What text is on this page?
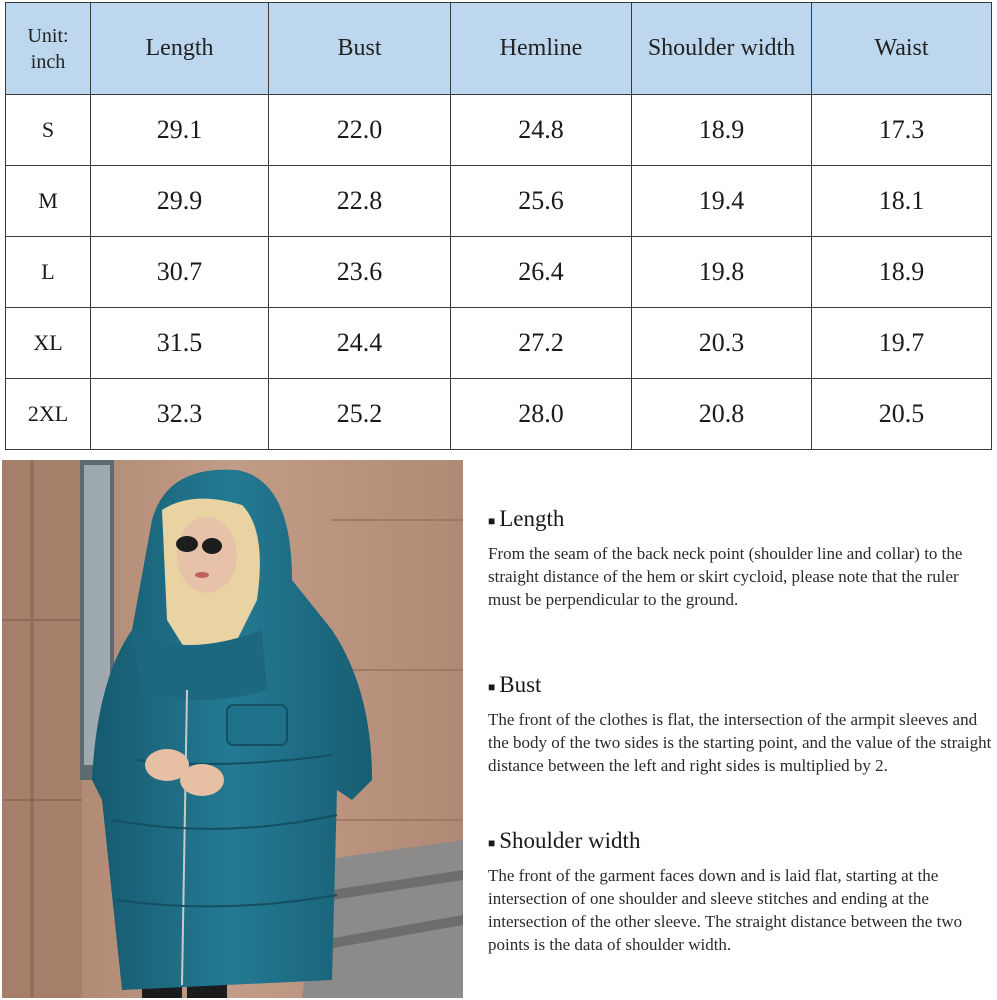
Unit:
inch	Length	Bust	Hemline	Shoulder width	Waist
S	29.1	22.0	24.8	18.9	17.3
M	29.9	22.8	25.6	19.4	18.1
L	30.7	23.6	26.4	19.8	18.9
XL	31.5	24.4	27.2	20.3	19.7
2XL	32.3	25.2	28.0	20.8	20.5
■ Length

From the seam of the back neck point (shoulder line and collar) to the straight distance of the hem or skirt cycloid, please note that the ruler must be perpendicular to the ground.

■ Bust

The front of the clothes is flat, the intersection of the armpit sleeves and the body of the two sides is the starting point, and the value of the straight distance between the left and right sides is multiplied by 2.

■ Shoulder width

The front of the garment faces down and is laid flat, starting at the intersection of one shoulder and sleeve stitches and ending at the intersection of the other sleeve. The straight distance between the two points is the data of shoulder width.
